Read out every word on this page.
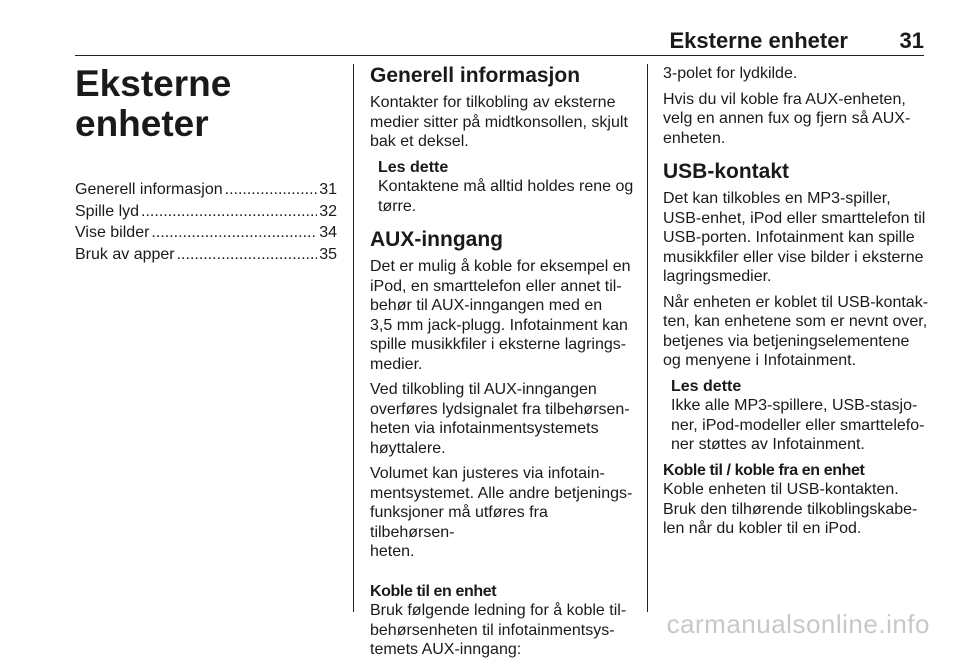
Eksterne enheter 31
Eksterne enheter
Generell informasjon .....	31
Spille lyd .....	32
Vise bilder .....	34
Bruk av apper .....	35
Generell informasjon

Kontakter for tilkobling av eksterne
medier sitter på midtkonsollen, skjult
bak et deksel.

Les dette
Kontaktene må alltid holdes rene og
tørre.
AUX-inngang

Det er mulig å koble for eksempel en
iPod, en smarttelefon eller annet til-
behør til AUX-inngangen med en
3,5 mm jack-plugg. Infotainment kan
spille musikkfiler i eksterne lagrings-
medier.

Ved tilkobling til AUX-inngangen
overføres lydsignalet fra tilbehørsen-
heten via infotainmentsystemets
høyttalere.

Volumet kan justeres via infotain-
mentsystemet. Alle andre betjenings-
funksjoner må utføres fra tilbehørsen-
heten.

Koble til en enhet

Bruk følgende ledning for å koble til-
behørsenheten til infotainmentsys-
temets AUX-inngang:

3-polet for lydkilde.

Hvis du vil koble fra AUX-enheten,
velg en annen fux og fjern så AUX-
enheten.

USB-kontakt

Det kan tilkobles en MP3-spiller,
USB-enhet, iPod eller smarttelefon til
USB-porten. Infotainment kan spille
musikkfiler eller vise bilder i eksterne
lagringsmedier.

Når enheten er koblet til USB-kontak-
ten, kan enhetene som er nevnt over,
betjenes via betjeningselementene
og menyene i Infotainment.

Les dette
Ikke alle MP3-spillere, USB-stasjo-
ner, iPod-modeller eller smarttelefo-
ner støttes av Infotainment.
Koble til / koble fra en enhet

Koble enheten til USB-kontakten.
Bruk den tilhørende tilkoblingskabe-
len når du kobler til en iPod.

carmanualsonline.info
